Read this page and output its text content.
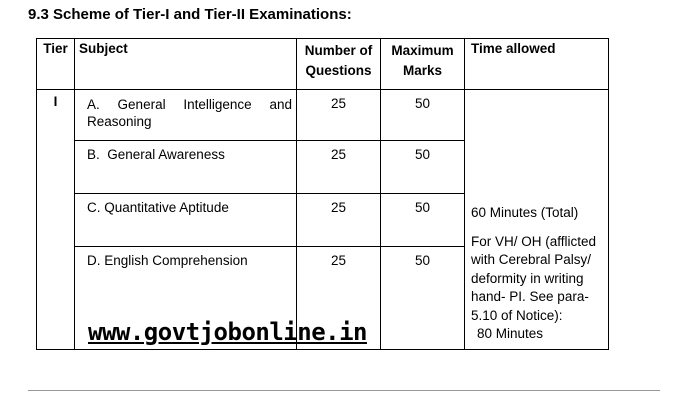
9.3 Scheme of Tier-I and Tier-II Examinations:
Tier	Subject	Number of Questions	Maximum Marks	Time allowed

I	A. General Intelligence and Reasoning	25	50	60 Minutes (Total)
For VH/ OH (afflicted with Cerebral Palsy/ deformity in writing hand- PI. See para- 5.10 of Notice):
80 Minutes

	B.  General Awareness	25	50	

	C. Quantitative Aptitude	25	50	

	D. English Comprehension	25	50	
www.govtjobonline.in
